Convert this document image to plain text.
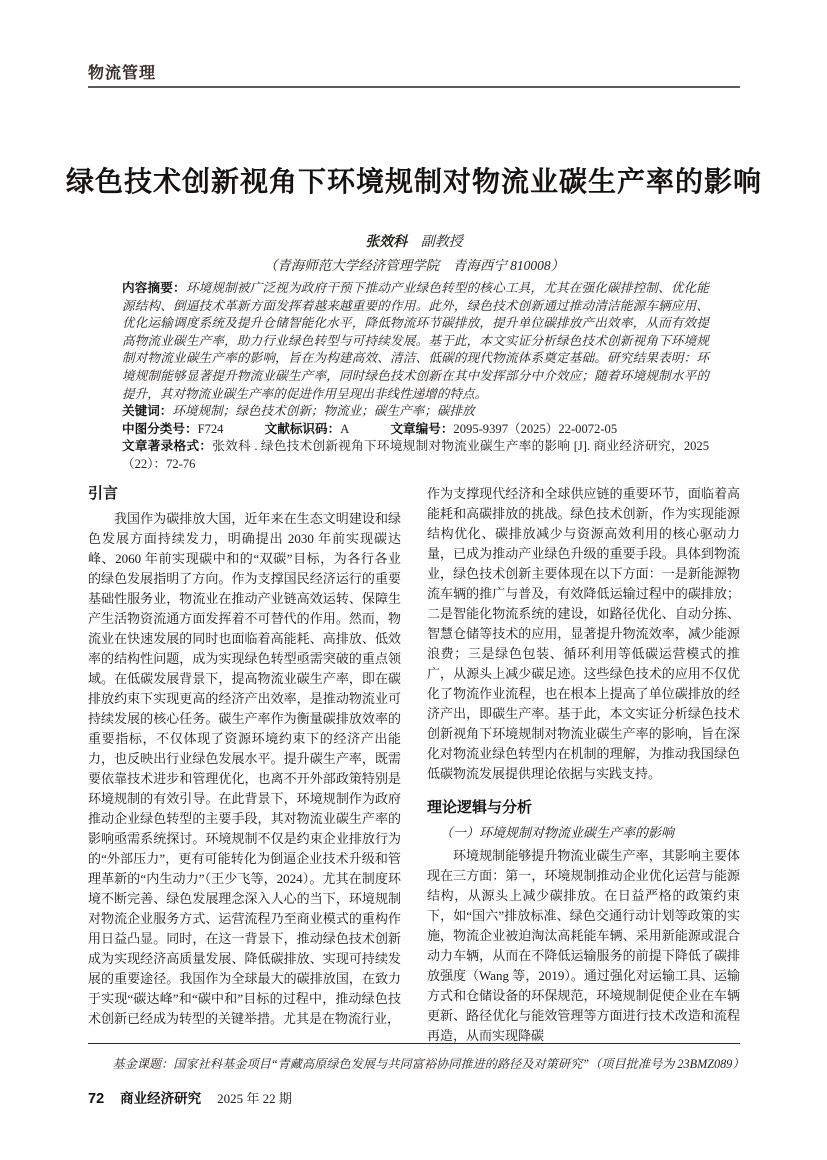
物流管理
绿色技术创新视角下环境规制对物流业碳生产率的影响
张效科 副教授
（青海师范大学经济管理学院　青海西宁 810008）

内容摘要：环境规制被广泛视为政府干预下推动产业绿色转型的核心工具，尤其在强化碳排控制、优化能源结构、倒逼技术革新方面发挥着越来越重要的作用。此外，绿色技术创新通过推动清洁能源车辆应用、优化运输调度系统及提升仓储智能化水平，降低物流环节碳排放，提升单位碳排放产出效率，从而有效提高物流业碳生产率，助力行业绿色转型与可持续发展。基于此，本文实证分析绿色技术创新视角下环境规制对物流业碳生产率的影响，旨在为构建高效、清洁、低碳的现代物流体系奠定基础。研究结果表明：环境规制能够显著提升物流业碳生产率，同时绿色技术创新在其中发挥部分中介效应；随着环境规制水平的提升，其对物流业碳生产率的促进作用呈现出非线性递增的特点。

关键词：环境规制；绿色技术创新；物流业；碳生产率；碳排放

中图分类号：F724	文献标识码：A	文章编号：2095-9397（2025）22-0072-05

文章著录格式：张效科 . 绿色技术创新视角下环境规制对物流业碳生产率的影响 [J]. 商业经济研究，2025（22）：72-76

引言

我国作为碳排放大国，近年来在生态文明建设和绿色发展方面持续发力，明确提出 2030 年前实现碳达峰、2060 年前实现碳中和的“双碳”目标，为各行各业的绿色发展指明了方向。作为支撑国民经济运行的重要基础性服务业，物流业在推动产业链高效运转、保障生产生活物资流通方面发挥着不可替代的作用。然而，物流业在快速发展的同时也面临着高能耗、高排放、低效率的结构性问题，成为实现绿色转型亟需突破的重点领域。在低碳发展背景下，提高物流业碳生产率，即在碳排放约束下实现更高的经济产出效率，是推动物流业可持续发展的核心任务。碳生产率作为衡量碳排放效率的重要指标，不仅体现了资源环境约束下的经济产出能力，也反映出行业绿色发展水平。提升碳生产率，既需要依靠技术进步和管理优化，也离不开外部政策特别是环境规制的有效引导。在此背景下，环境规制作为政府推动企业绿色转型的主要手段，其对物流业碳生产率的影响亟需系统探讨。环境规制不仅是约束企业排放行为的“外部压力”，更有可能转化为倒逼企业技术升级和管理革新的“内生动力”（王少飞等，2024）。尤其在制度环境不断完善、绿色发展理念深入人心的当下，环境规制对物流企业服务方式、运营流程乃至商业模式的重构作用日益凸显。同时，在这一背景下，推动绿色技术创新成为实现经济高质量发展、降低碳排放、实现可持续发展的重要途径。我国作为全球最大的碳排放国，在致力于实现“碳达峰”和“碳中和”目标的过程中，推动绿色技术创新已经成为转型的关键举措。尤其是在物流行业，

作为支撑现代经济和全球供应链的重要环节，面临着高能耗和高碳排放的挑战。绿色技术创新，作为实现能源结构优化、碳排放减少与资源高效利用的核心驱动力量，已成为推动产业绿色升级的重要手段。具体到物流业，绿色技术创新主要体现在以下方面：一是新能源物流车辆的推广与普及，有效降低运输过程中的碳排放；二是智能化物流系统的建设，如路径优化、自动分拣、智慧仓储等技术的应用，显著提升物流效率，减少能源浪费；三是绿色包装、循环利用等低碳运营模式的推广，从源头上减少碳足迹。这些绿色技术的应用不仅优化了物流作业流程，也在根本上提高了单位碳排放的经济产出，即碳生产率。基于此，本文实证分析绿色技术创新视角下环境规制对物流业碳生产率的影响，旨在深化对物流业绿色转型内在机制的理解，为推动我国绿色低碳物流发展提供理论依据与实践支持。

理论逻辑与分析

（一）环境规制对物流业碳生产率的影响

环境规制能够提升物流业碳生产率，其影响主要体现在三方面：第一，环境规制推动企业优化运营与能源结构，从源头上减少碳排放。在日益严格的政策约束下，如“国六”排放标准、绿色交通行动计划等政策的实施，物流企业被迫淘汰高耗能车辆、采用新能源或混合动力车辆，从而在不降低运输服务的前提下降低了碳排放强度（Wang 等，2019）。通过强化对运输工具、运输方式和仓储设备的环保规范，环境规制促使企业在车辆更新、路径优化与能效管理等方面进行技术改造和流程再造，从而实现降碳

基金课题：国家社科基金项目“青藏高原绿色发展与共同富裕协同推进的路径及对策研究”（项目批准号为 23BMZ089）
72 商业经济研究 2025 年 22 期
